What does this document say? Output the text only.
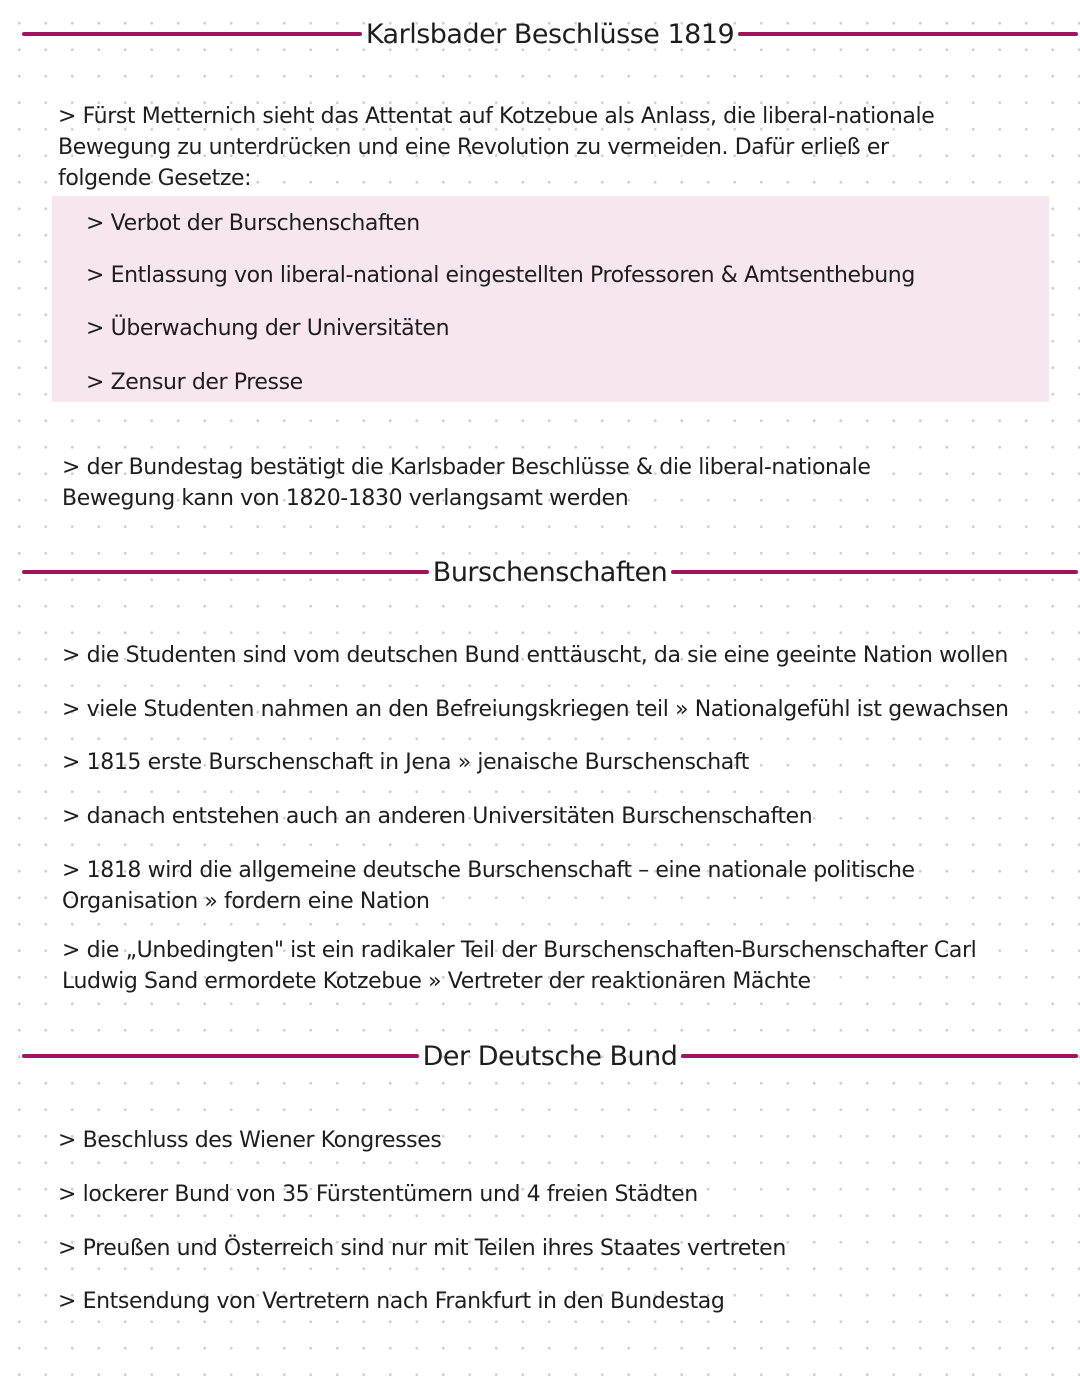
Karlsbader Beschlüsse 1819

> Fürst Metternich sieht das Attentat auf Kotzebue als Anlass, die liberal-nationale Bewegung zu unterdrücken und eine Revolution zu vermeiden. Dafür erließ er folgende Gesetze:

> Verbot der Burschenschaften
> Entlassung von liberal-national eingestellten Professoren & Amtsenthebung
> Überwachung der Universitäten
> Zensur der Presse

> der Bundestag bestätigt die Karlsbader Beschlüsse & die liberal-nationale Bewegung kann von 1820-1830 verlangsamt werden

Burschenschaften
> die Studenten sind vom deutschen Bund enttäuscht, da sie eine geeinte Nation wollen
> viele Studenten nahmen an den Befreiungskriegen teil » Nationalgefühl ist gewachsen
> 1815 erste Burschenschaft in Jena » jenaische Burschenschaft
> danach entstehen auch an anderen Universitäten Burschenschaften

> 1818 wird die allgemeine deutsche Burschenschaft – eine nationale politische Organisation » fordern eine Nation

> die „Unbedingten" ist ein radikaler Teil der Burschenschaften-Burschenschafter Carl Ludwig Sand ermordete Kotzebue » Vertreter der reaktionären Mächte

Der Deutsche Bund
> Beschluss des Wiener Kongresses
> lockerer Bund von 35 Fürstentümern und 4 freien Städten
> Preußen und Österreich sind nur mit Teilen ihres Staates vertreten
> Entsendung von Vertretern nach Frankfurt in den Bundestag
